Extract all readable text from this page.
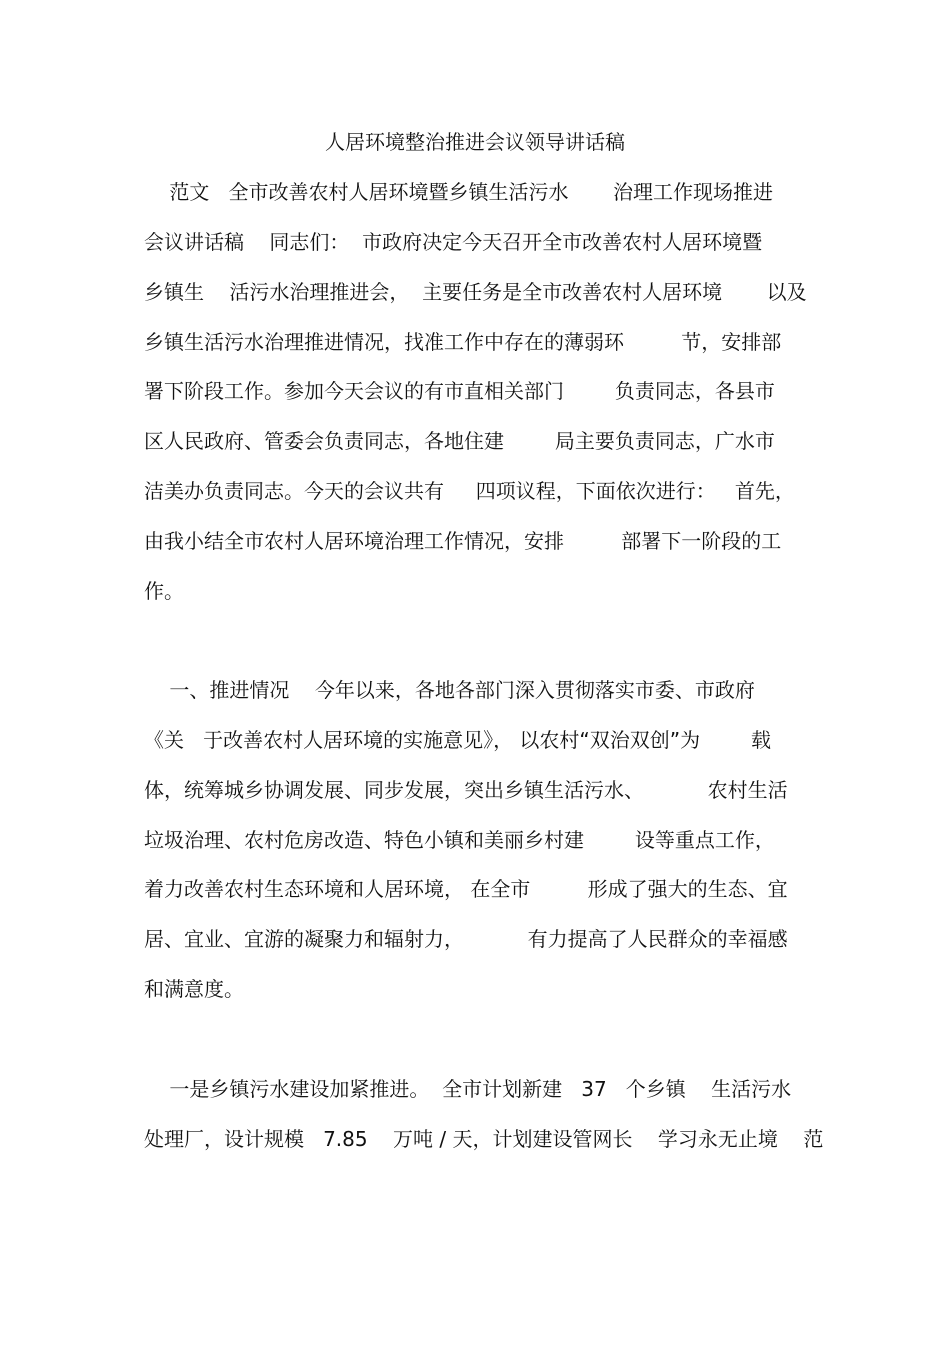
人居环境整治推进会议领导讲话稿
范文   全市改善农村人居环境暨乡镇生活污水       治理工作现场推进
会议讲话稿    同志们：  市政府决定今天召开全市改善农村人居环境暨
乡镇生    活污水治理推进会，  主要任务是全市改善农村人居环境       以及
乡镇生活污水治理推进情况，找准工作中存在的薄弱环         节，安排部
署下阶段工作。参加今天会议的有市直相关部门        负责同志，各县市
区人民政府、管委会负责同志，各地住建        局主要负责同志，广水市
洁美办负责同志。今天的会议共有     四项议程，下面依次进行：   首先，
由我小结全市农村人居环境治理工作情况，安排         部署下一阶段的工
作。
一、推进情况    今年以来，各地各部门深入贯彻落实市委、市政府
《关   于改善农村人居环境的实施意见》， 以农村“双治双创”为        载
体，统筹城乡协调发展、同步发展，突出乡镇生活污水、          农村生活
垃圾治理、农村危房改造、特色小镇和美丽乡村建        设等重点工作，
着力改善农村生态环境和人居环境， 在全市         形成了强大的生态、宜
居、宜业、宜游的凝聚力和辐射力，          有力提高了人民群众的幸福感
和满意度。
一是乡镇污水建设加紧推进。  全市计划新建   37   个乡镇    生活污水
处理厂，设计规模   7.85    万吨 / 天，计划建设管网长    学习永无止境    范
